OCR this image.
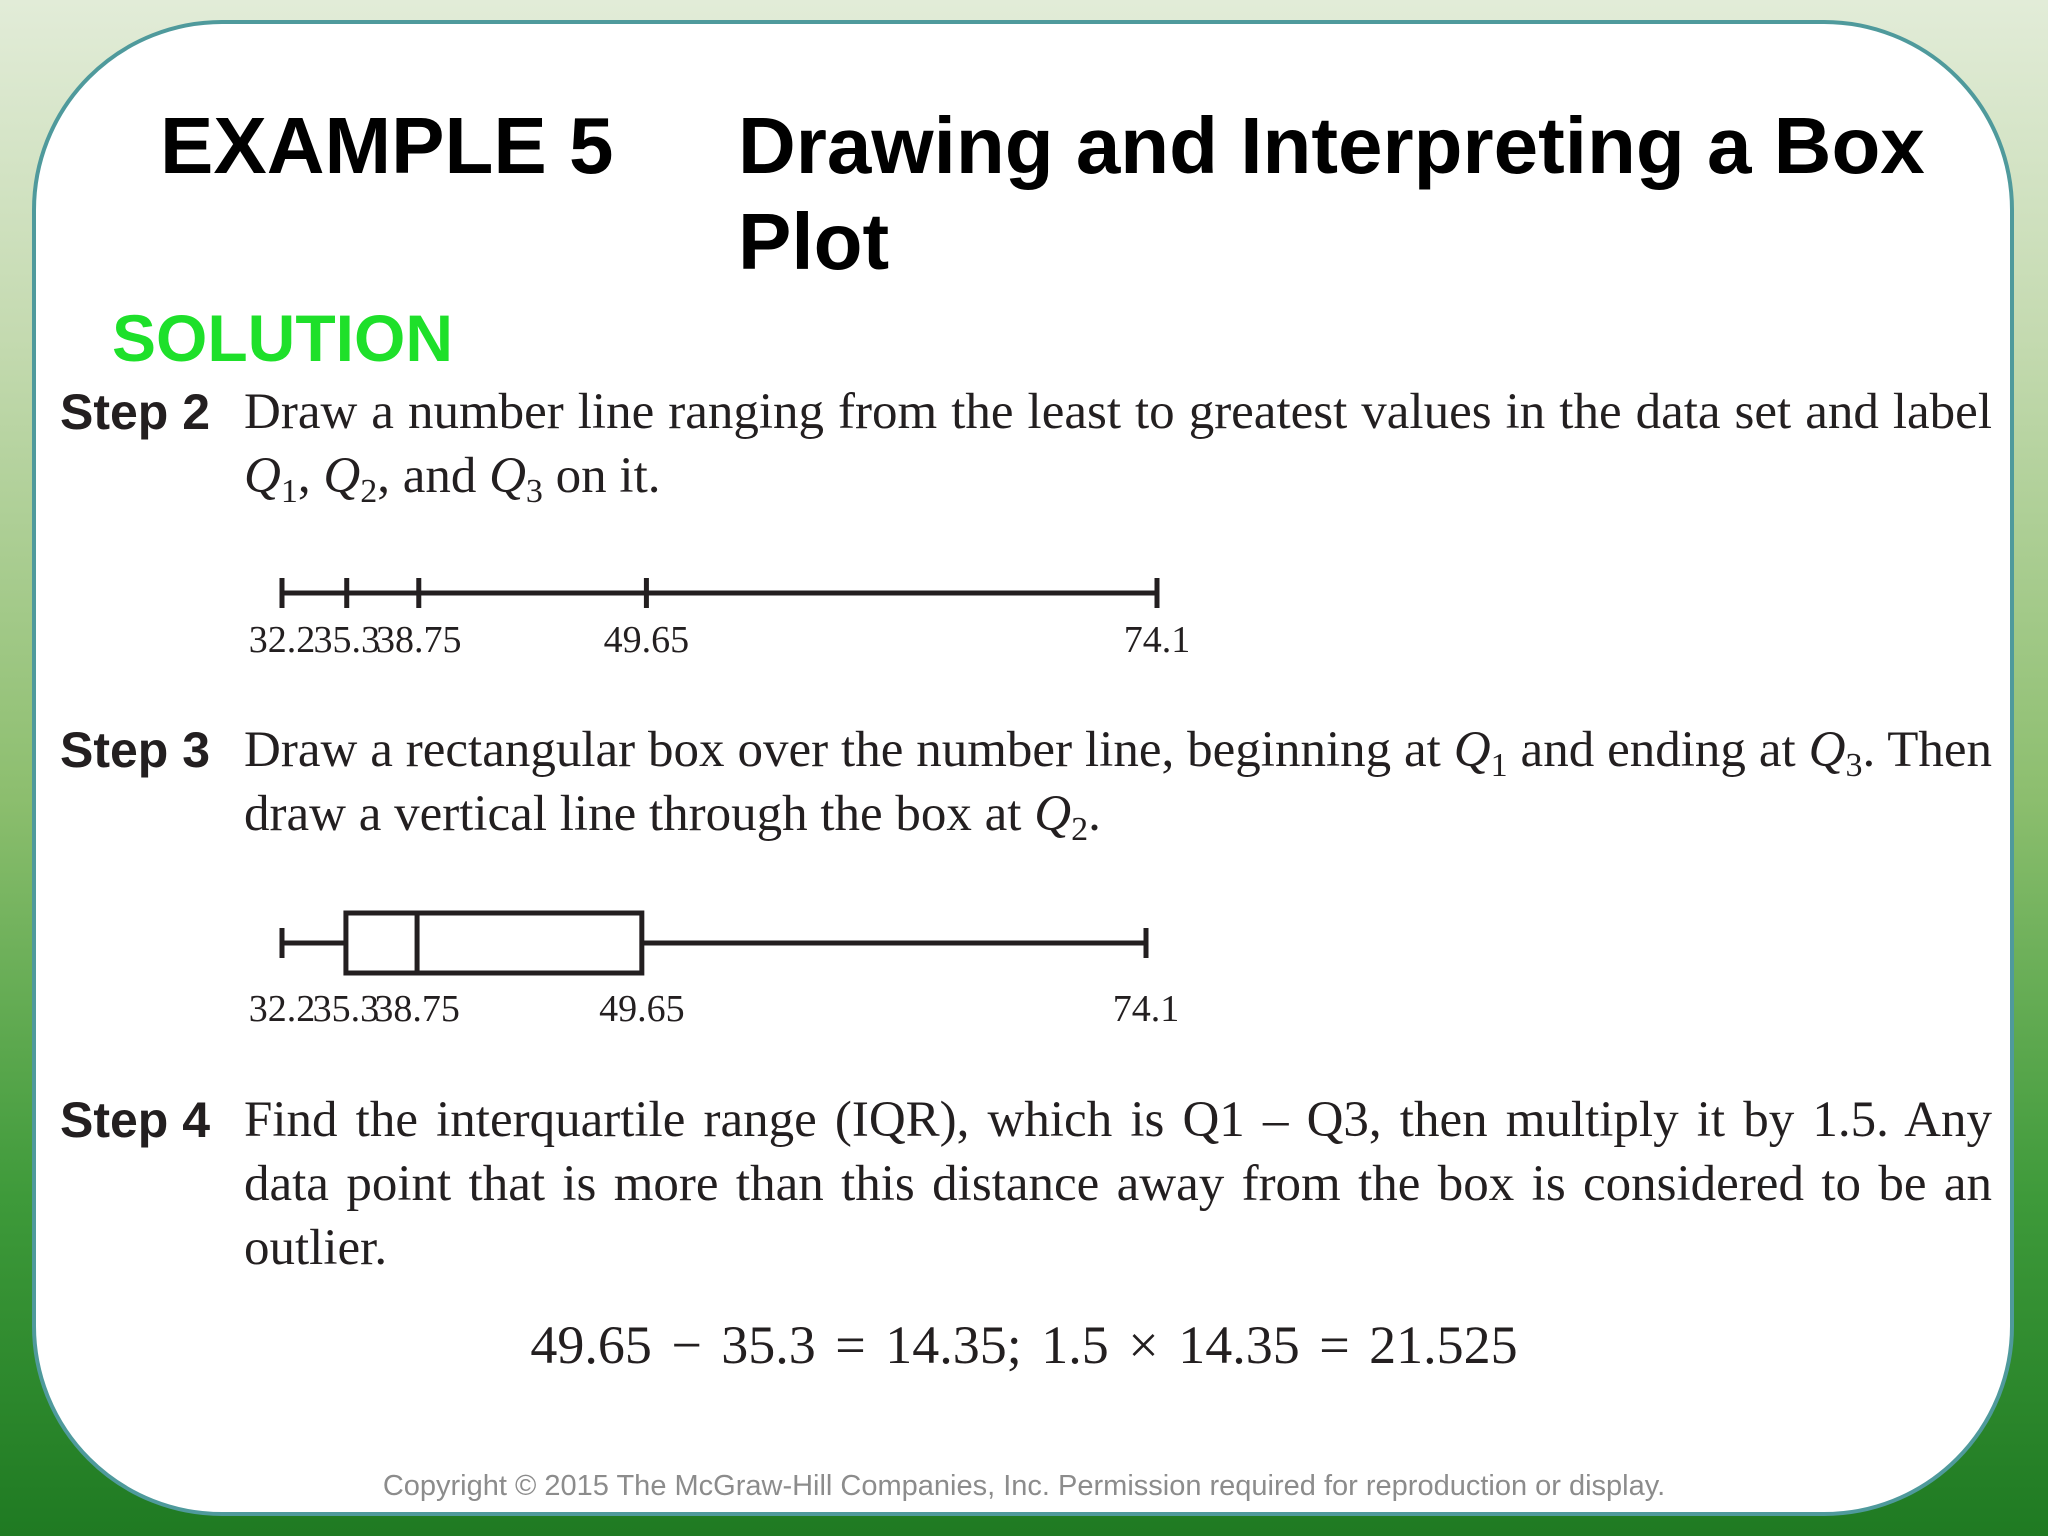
EXAMPLE 5 Drawing and Interpreting a Box Plot
SOLUTION
Step 2 Draw a number line ranging from the least to greatest values in the data set and label $Q_1$, $Q_2$, and $Q_3$ on it.
32.2
35.3
38.75	49.65	74.1
32.2
35.3
38.75	49.65	74.1
Step 3 Draw a rectangular box over the number line, beginning at $Q_1$ and ending at $Q_3$. Then draw a vertical line through the box at $Q_2$.
Step 4 Find the interquartile range (IQR), which is Q1 – Q3, then multiply it by 1.5. Any data point that is more than this distance away from the box is considered to be an outlier.
49.65 − 35.3 = 14.35; 1.5 × 14.35 = 21.525
Copyright © 2015 The McGraw-Hill Companies, Inc. Permission required for reproduction or display.
